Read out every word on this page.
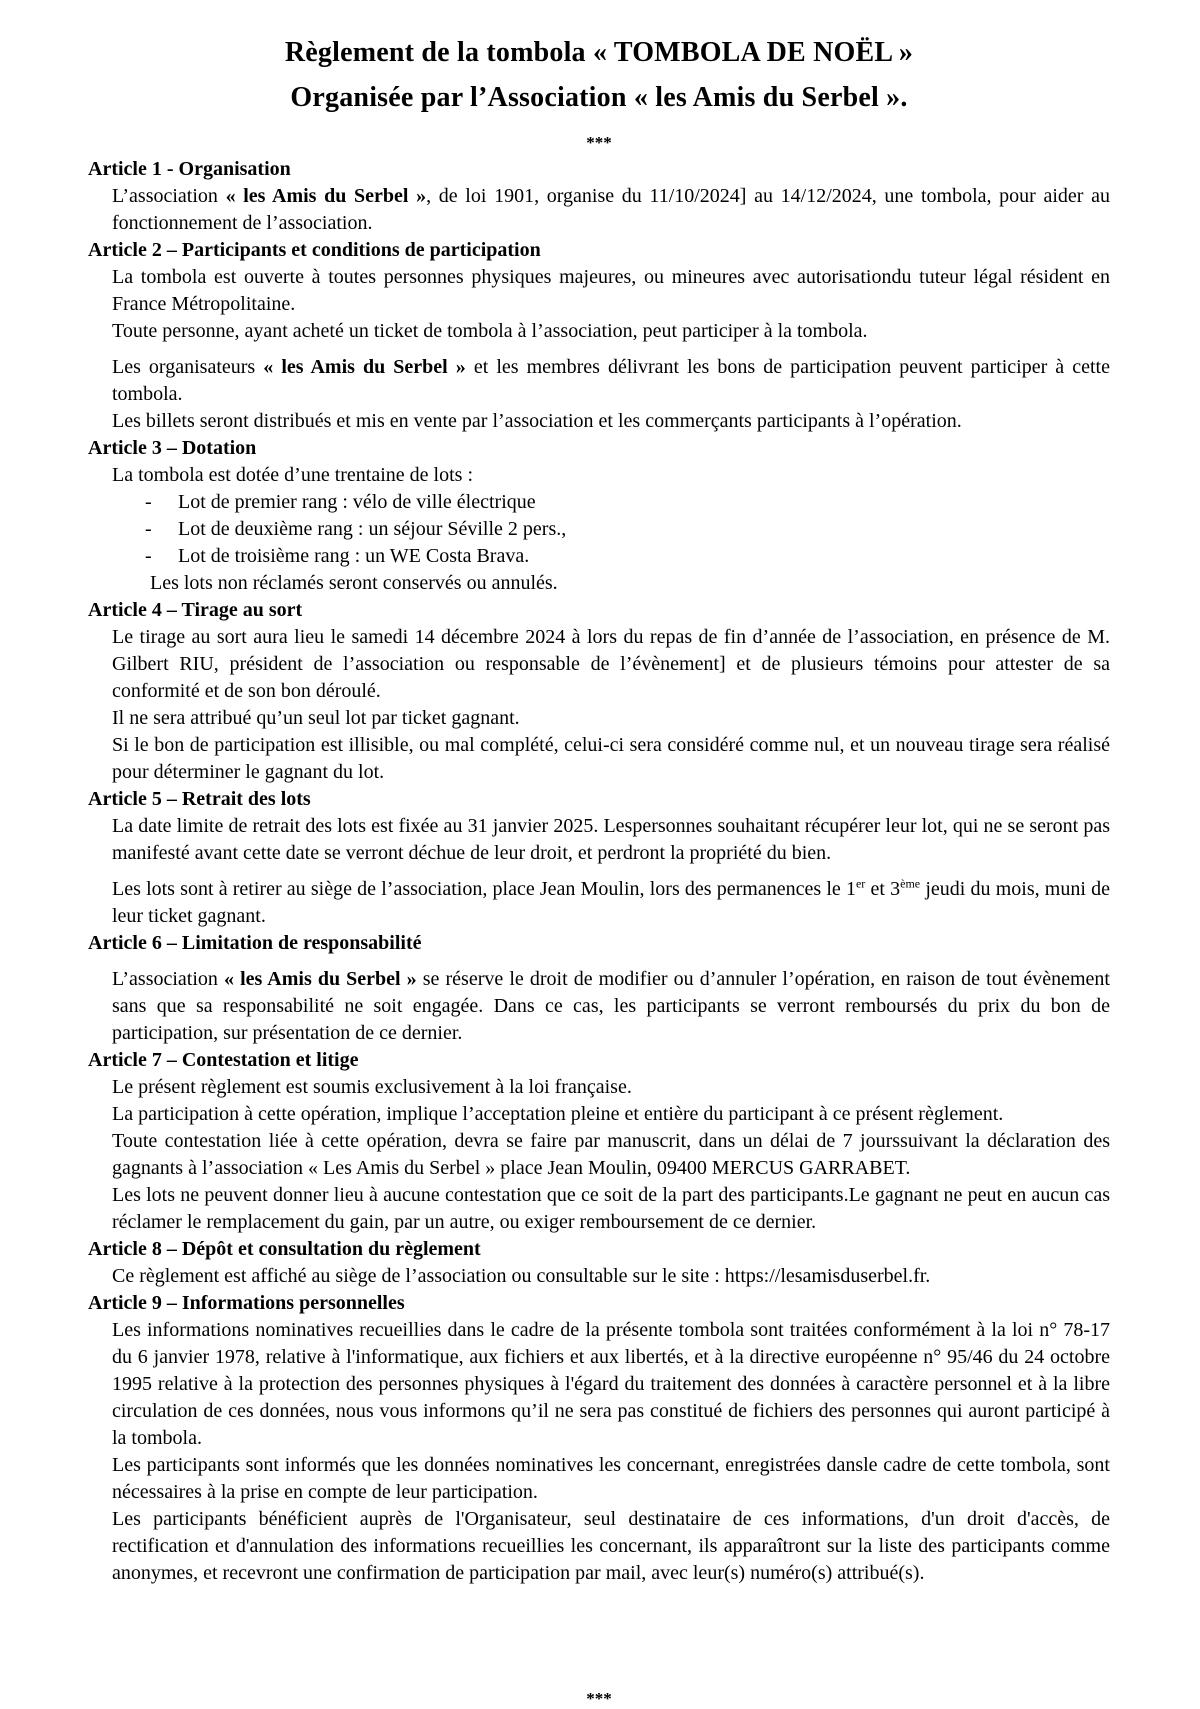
Règlement de la tombola « TOMBOLA DE NOËL »
Organisée par l’Association « les Amis du Serbel ».
***
Article 1 - Organisation

L’association « les Amis du Serbel », de loi 1901, organise du 11/10/2024] au 14/12/2024, une tombola, pour aider au fonctionnement de l’association.

Article 2 – Participants et conditions de participation

La tombola est ouverte à toutes personnes physiques majeures, ou mineures avec autorisationdu tuteur légal résident en France Métropolitaine.

Toute personne, ayant acheté un ticket de tombola à l’association, peut participer à la tombola.

Les organisateurs « les Amis du Serbel » et les membres délivrant les bons de participation peuvent participer à cette tombola.

Les billets seront distribués et mis en vente par l’association et les commerçants participants à l’opération.

Article 3 – Dotation

La tombola est dotée d’une trentaine de lots :

-	Lot de premier rang : vélo de ville électrique
-	Lot de deuxième rang : un séjour Séville 2 pers.,
-	Lot de troisième rang : un WE Costa Brava.

Les lots non réclamés seront conservés ou annulés.

Article 4 – Tirage au sort

Le tirage au sort aura lieu le samedi 14 décembre 2024 à lors du repas de fin d’année de l’association, en présence de M. Gilbert RIU, président de l’association ou responsable de l’évènement] et de plusieurs témoins pour attester de sa conformité et de son bon déroulé.

Il ne sera attribué qu’un seul lot par ticket gagnant.

Si le bon de participation est illisible, ou mal complété, celui-ci sera considéré comme nul, et un nouveau tirage sera réalisé pour déterminer le gagnant du lot.

Article 5 – Retrait des lots

La date limite de retrait des lots est fixée au 31 janvier 2025. Lespersonnes souhaitant récupérer leur lot, qui ne se seront pas manifesté avant cette date se verront déchue de leur droit, et perdront la propriété du bien.

Les lots sont à retirer au siège de l’association, place Jean Moulin, lors des permanences le 1er et 3ème jeudi du mois, muni de leur ticket gagnant.

Article 6 – Limitation de responsabilité

L’association « les Amis du Serbel » se réserve le droit de modifier ou d’annuler l’opération, en raison de tout évènement sans que sa responsabilité ne soit engagée. Dans ce cas, les participants se verront remboursés du prix du bon de participation, sur présentation de ce dernier.

Article 7 – Contestation et litige

Le présent règlement est soumis exclusivement à la loi française.

La participation à cette opération, implique l’acceptation pleine et entière du participant à ce présent règlement.

Toute contestation liée à cette opération, devra se faire par manuscrit, dans un délai de 7 jourssuivant la déclaration des gagnants à l’association « Les Amis du Serbel » place Jean Moulin, 09400 MERCUS GARRABET.

Les lots ne peuvent donner lieu à aucune contestation que ce soit de la part des participants.Le gagnant ne peut en aucun cas réclamer le remplacement du gain, par un autre, ou exiger remboursement de ce dernier.

Article 8 – Dépôt et consultation du règlement

Ce règlement est affiché au siège de l’association ou consultable sur le site : https://lesamisduserbel.fr.

Article 9 – Informations personnelles

Les informations nominatives recueillies dans le cadre de la présente tombola sont traitées conformément à la loi n° 78-17 du 6 janvier 1978, relative à l'informatique, aux fichiers et aux libertés, et à la directive européenne n° 95/46 du 24 octobre 1995 relative à la protection des personnes physiques à l'égard du traitement des données à caractère personnel et à la libre circulation de ces données, nous vous informons qu’il ne sera pas constitué de fichiers des personnes qui auront participé à la tombola.

Les participants sont informés que les données nominatives les concernant, enregistrées dansle cadre de cette tombola, sont nécessaires à la prise en compte de leur participation.

Les participants bénéficient auprès de l'Organisateur, seul destinataire de ces informations, d'un droit d'accès, de rectification et d'annulation des informations recueillies les concernant, ils apparaîtront sur la liste des participants comme anonymes, et recevront une confirmation de participation par mail, avec leur(s) numéro(s) attribué(s).

***
